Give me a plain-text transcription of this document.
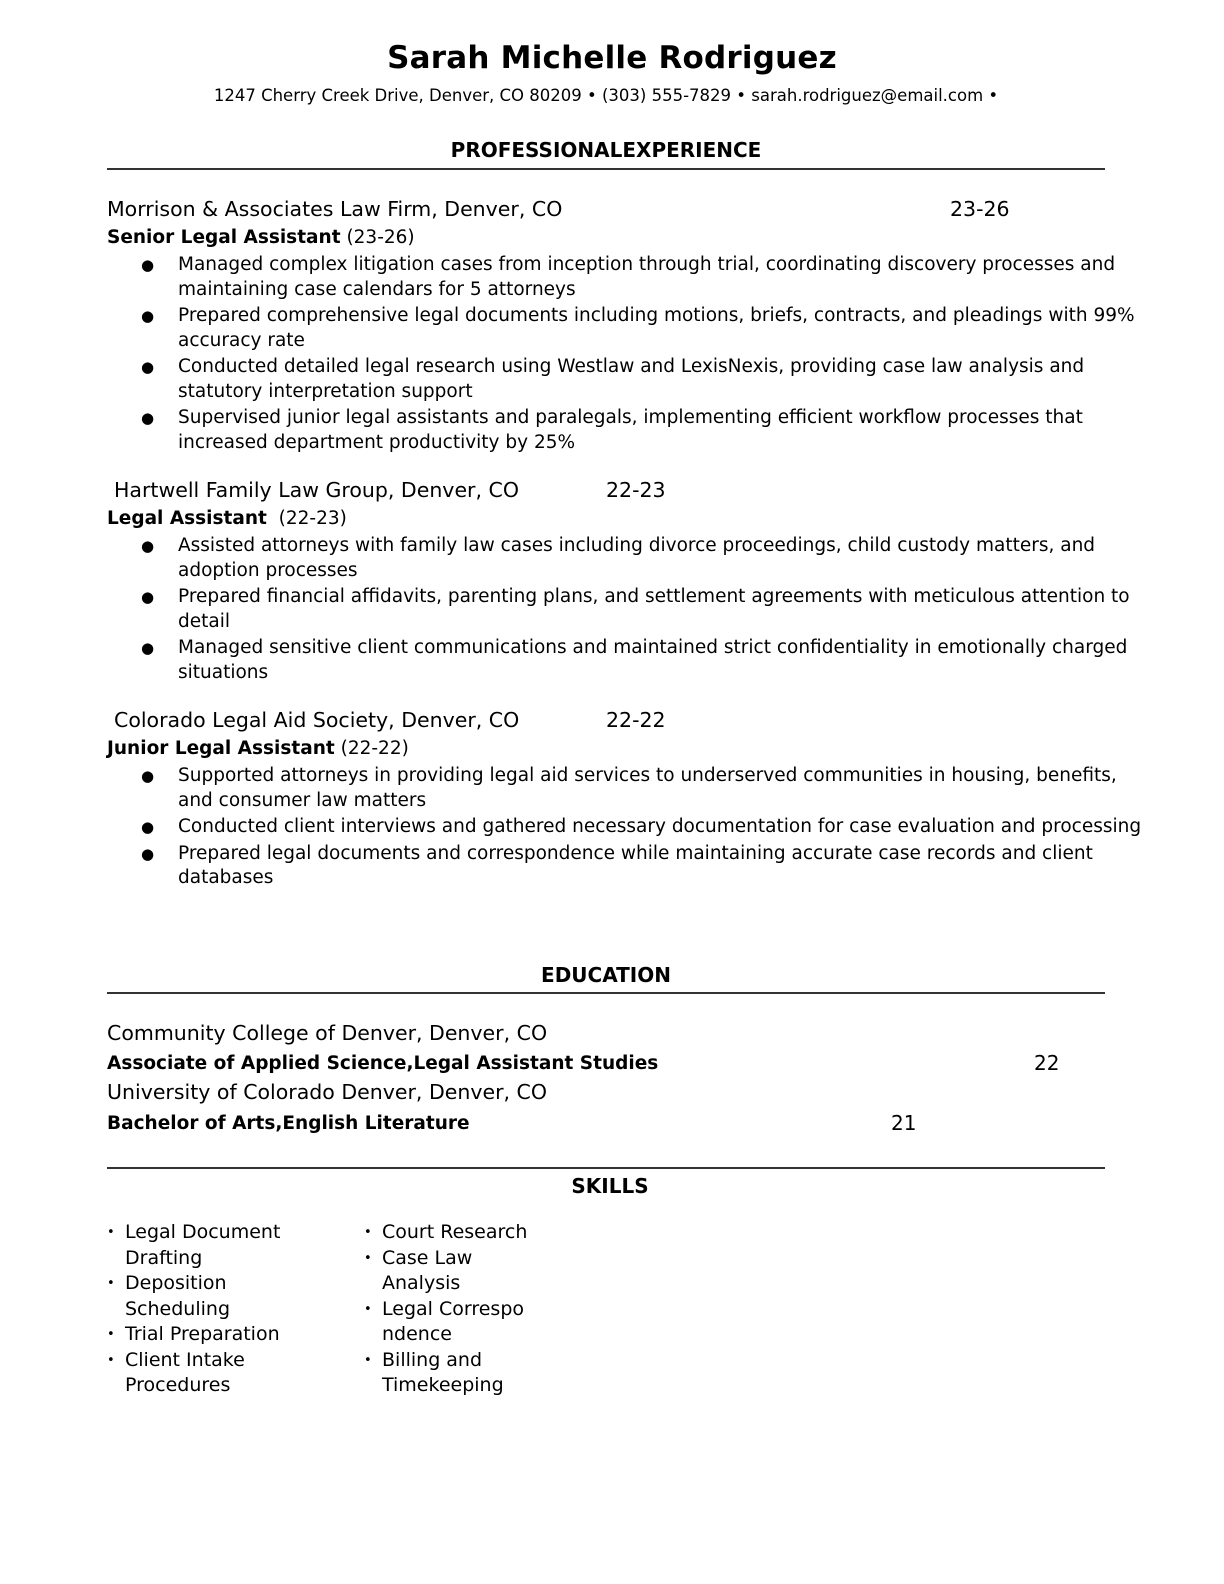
Sarah Michelle Rodriguez
1247 Cherry Creek Drive, Denver, CO 80209 • (303) 555-7829 • sarah.rodriguez@email.com •
PROFESSIONALEXPERIENCE
Morrison & Associates Law Firm, Denver, CO	23-26
Senior Legal Assistant (23-26)
● Managed complex litigation cases from inception through trial, coordinating discovery processes and maintaining case calendars for 5 attorneys
● Prepared comprehensive legal documents including motions, briefs, contracts, and pleadings with 99% accuracy rate
● Conducted detailed legal research using Westlaw and LexisNexis, providing case law analysis and statutory interpretation support
● Supervised junior legal assistants and paralegals, implementing efficient workflow processes that increased department productivity by 25%
Hartwell Family Law Group, Denver, CO	22-23
Legal Assistant (22-23)
● Assisted attorneys with family law cases including divorce proceedings, child custody matters, and adoption processes
● Prepared financial affidavits, parenting plans, and settlement agreements with meticulous attention to detail
● Managed sensitive client communications and maintained strict confidentiality in emotionally charged situations
Colorado Legal Aid Society, Denver, CO	22-22
Junior Legal Assistant (22-22)
● Supported attorneys in providing legal aid services to underserved communities in housing, benefits, and consumer law matters
● Conducted client interviews and gathered necessary documentation for case evaluation and processing
● Prepared legal documents and correspondence while maintaining accurate case records and client databases
EDUCATION
Community College of Denver, Denver, CO
Associate of Applied Science,Legal Assistant Studies	22
University of Colorado Denver, Denver, CO
Bachelor of Arts,English Literature	21
SKILLS
• Legal Document Drafting
• Deposition Scheduling
• Trial Preparation
• Client Intake Procedures
• Court Research
• Case Law Analysis
• Legal Correspondence
• Billing and Timekeeping
